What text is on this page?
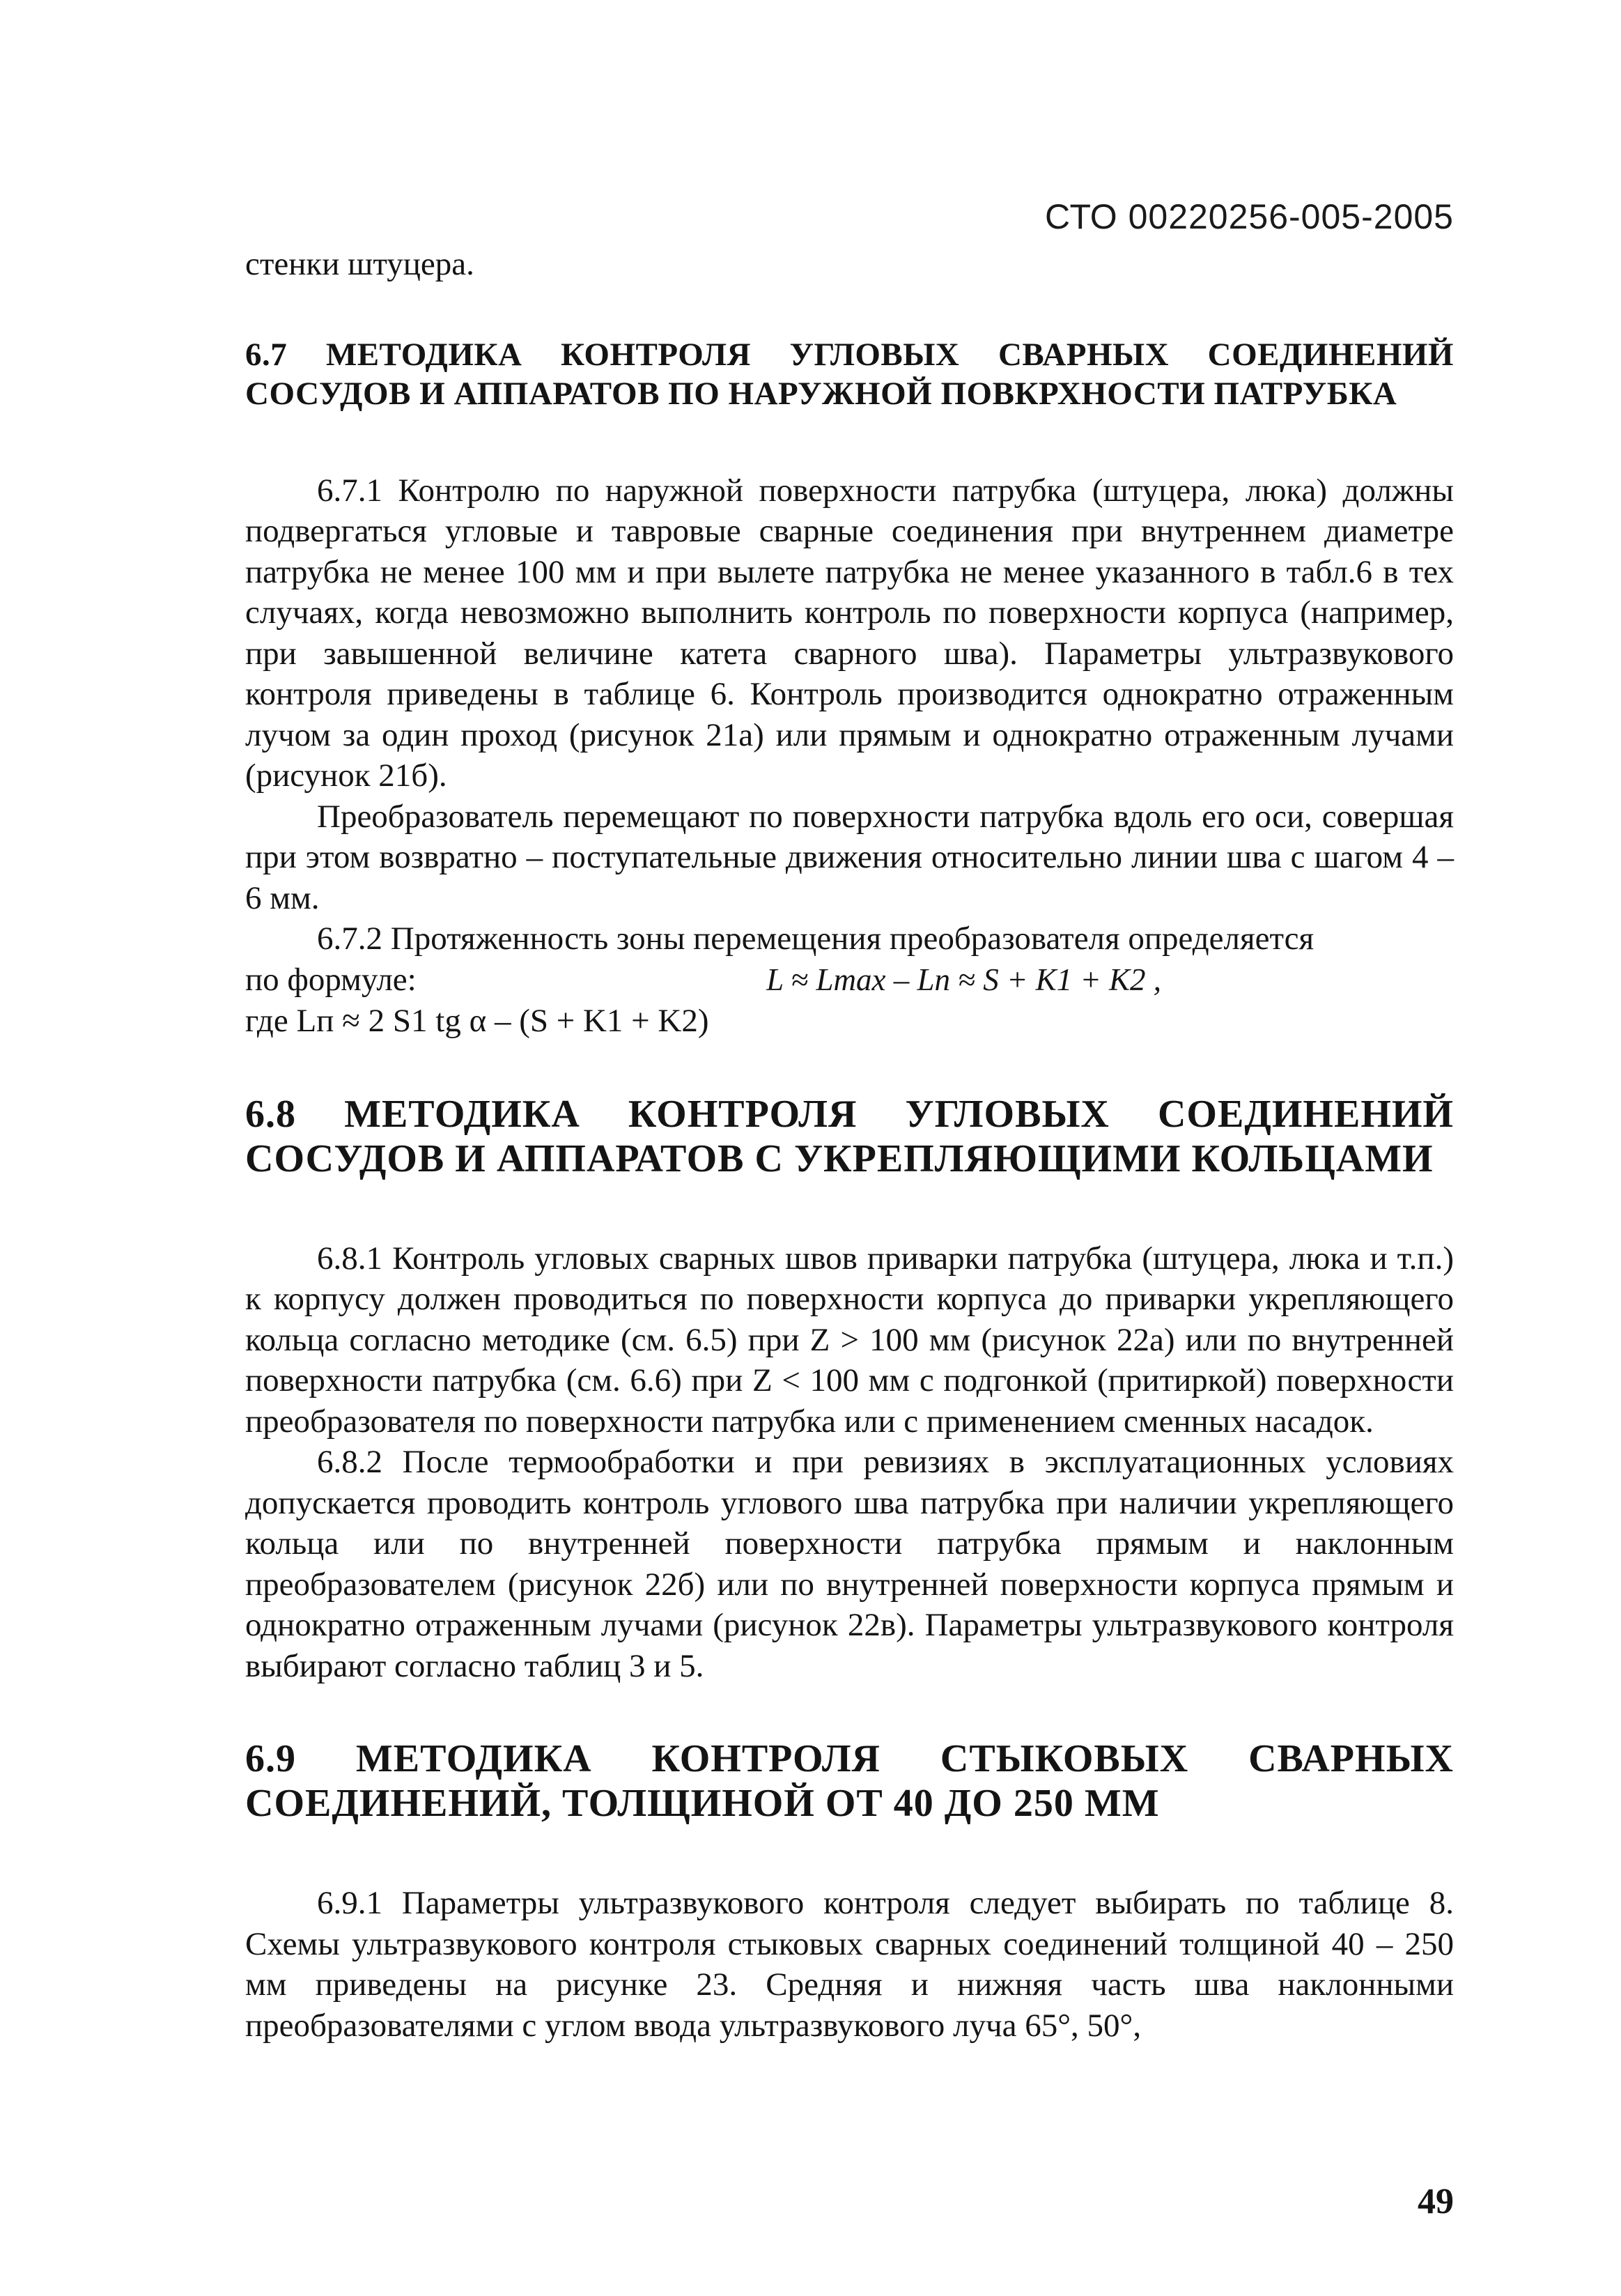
СТО 00220256-005-2005

стенки штуцера.

6.7 МЕТОДИКА КОНТРОЛЯ УГЛОВЫХ СВАРНЫХ СОЕДИНЕНИЙ СОСУДОВ И АППАРАТОВ ПО НАРУЖНОЙ ПОВКРХНОСТИ ПАТРУБКА

6.7.1 Контролю по наружной поверхности патрубка (штуцера, люка) должны подвергаться угловые и тавровые сварные соединения при внутреннем диаметре патрубка не менее 100 мм и при вылете патрубка не менее указанного в табл.6 в тех случаях, когда невозможно выполнить контроль по поверхности корпуса (например, при завышенной величине катета сварного шва). Параметры ультразвукового контроля приведены в таблице 6. Контроль производится однократно отраженным лучом за один проход (рисунок 21а) или прямым и однократно отраженным лучами (рисунок 21б).

Преобразователь перемещают по поверхности патрубка вдоль его оси, совершая при этом возвратно – поступательные движения относительно линии шва с шагом 4 – 6 мм.

6.7.2 Протяженность зоны перемещения преобразователя определяется

по формуле:	L ≈ Lmax – Lп ≈ S + K1 + K2 ,

где Lп ≈ 2 S1 tg α – (S + K1 + K2)

6.8 МЕТОДИКА КОНТРОЛЯ УГЛОВЫХ СОЕДИНЕНИЙ СОСУДОВ И АППАРАТОВ С УКРЕПЛЯЮЩИМИ КОЛЬЦАМИ

6.8.1 Контроль угловых сварных швов приварки патрубка (штуцера, люка и т.п.) к корпусу должен проводиться по поверхности корпуса до приварки укрепляющего кольца согласно методике (см. 6.5) при Z > 100 мм (рисунок 22а) или по внутренней поверхности патрубка (см. 6.6) при Z < 100 мм с подгонкой (притиркой) поверхности преобразователя по поверхности патрубка или с применением сменных насадок.

6.8.2 После термообработки и при ревизиях в эксплуатационных условиях допускается проводить контроль углового шва патрубка при наличии укрепляющего кольца или по внутренней поверхности патрубка прямым и наклонным преобразователем (рисунок 22б) или по внутренней поверхности корпуса прямым и однократно отраженным лучами (рисунок 22в). Параметры ультразвукового контроля выбирают согласно таблиц 3 и 5.

6.9 МЕТОДИКА КОНТРОЛЯ СТЫКОВЫХ СВАРНЫХ СОЕДИНЕНИЙ, ТОЛЩИНОЙ ОТ 40 ДО 250 ММ

6.9.1 Параметры ультразвукового контроля следует выбирать по таблице 8. Схемы ультразвукового контроля стыковых сварных соединений толщиной 40 – 250 мм приведены на рисунке 23. Средняя и нижняя часть шва наклонными преобразователями с углом ввода ультразвукового луча 65°, 50°,

49
